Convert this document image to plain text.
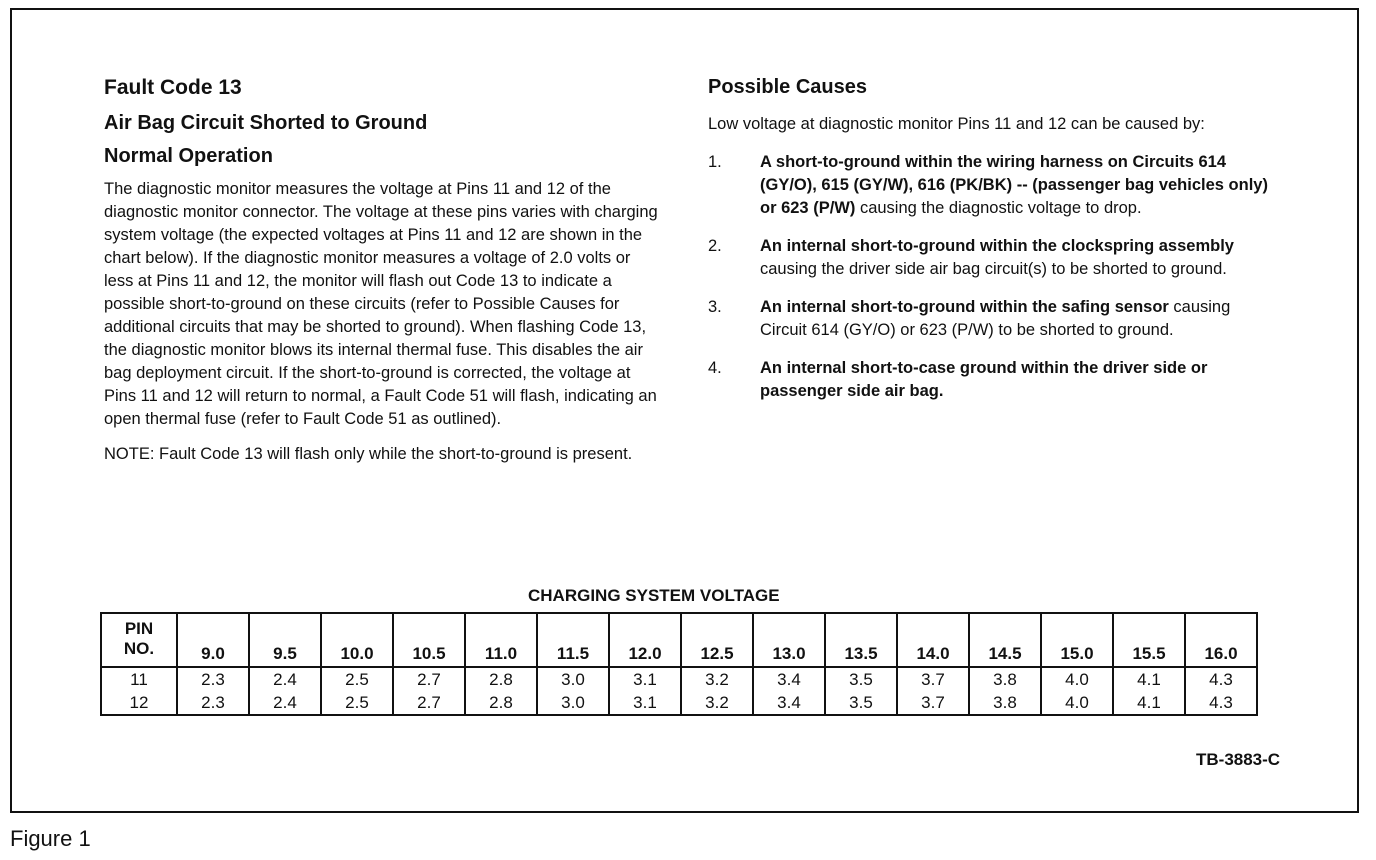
Fault Code 13
Air Bag Circuit Shorted to Ground
Normal Operation

The diagnostic monitor measures the voltage at Pins 11 and 12 of the diagnostic monitor connector. The voltage at these pins varies with charging system voltage (the expected voltages at Pins 11 and 12 are shown in the chart below). If the diagnostic monitor measures a voltage of 2.0 volts or less at Pins 11 and 12, the monitor will flash out Code 13 to indicate a possible short-to-ground on these circuits (refer to Possible Causes for additional circuits that may be shorted to ground). When flashing Code 13, the diagnostic monitor blows its internal thermal fuse. This disables the air bag deployment circuit. If the short-to-ground is corrected, the voltage at Pins 11 and 12 will return to normal, a Fault Code 51 will flash, indicating an open thermal fuse (refer to Fault Code 51 as outlined).

NOTE: Fault Code 13 will flash only while the short-to-ground is present.

Possible Causes

Low voltage at diagnostic monitor Pins 11 and 12 can be caused by:

1. A short-to-ground within the wiring harness on Circuits 614 (GY/O), 615 (GY/W), 616 (PK/BK) -- (passenger bag vehicles only) or 623 (P/W) causing the diagnostic voltage to drop.
2. An internal short-to-ground within the clockspring assembly causing the driver side air bag circuit(s) to be shorted to ground.
3. An internal short-to-ground within the safing sensor causing Circuit 614 (GY/O) or 623 (P/W) to be shorted to ground.
4. An internal short-to-case ground within the driver side or passenger side air bag.
CHARGING SYSTEM VOLTAGE
PIN
NO.	9.0	9.5	10.0	10.5	11.0	11.5	12.0	12.5	13.0	13.5	14.0	14.5	15.0	15.5	16.0
11	2.3	2.4	2.5	2.7	2.8	3.0	3.1	3.2	3.4	3.5	3.7	3.8	4.0	4.1	4.3
12	2.3	2.4	2.5	2.7	2.8	3.0	3.1	3.2	3.4	3.5	3.7	3.8	4.0	4.1	4.3
TB-3883-C
Figure 1
